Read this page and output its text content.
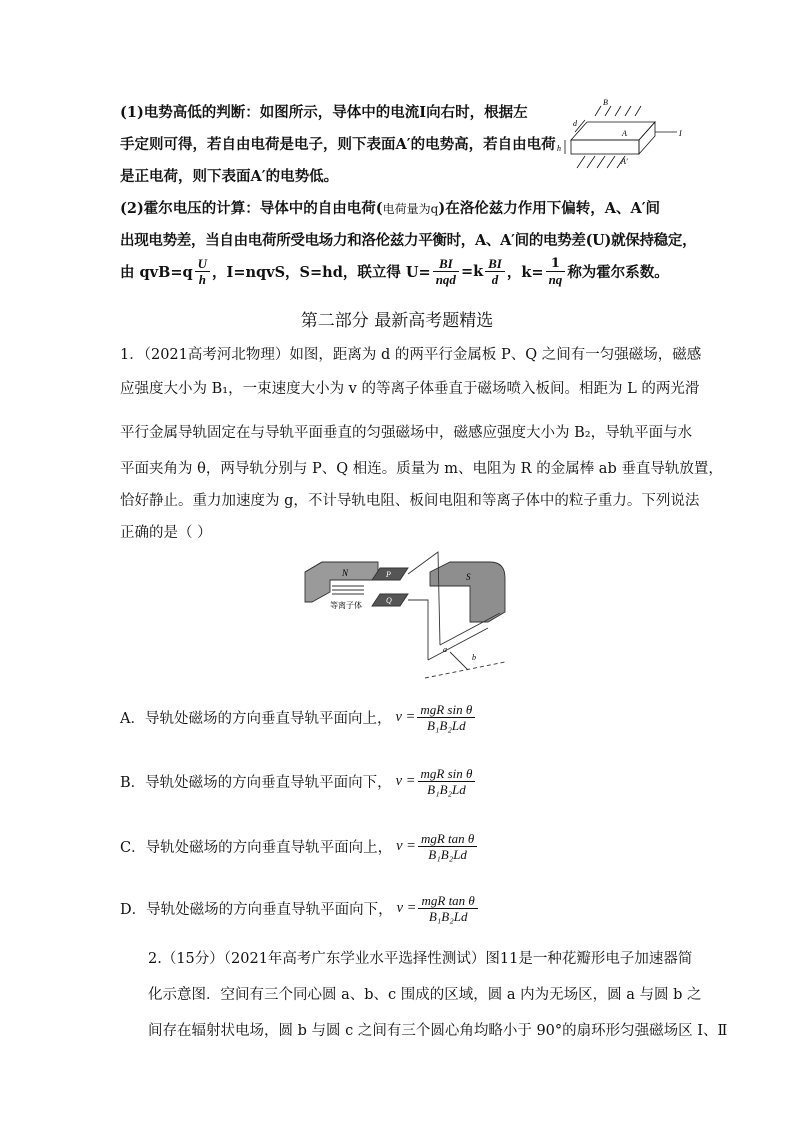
(1)电势高低的判断：如图所示，导体中的电流I向右时，根据左
手定则可得，若自由电荷是电子，则下表面A′的电势高，若自由电荷
是正电荷，则下表面A′的电势低。
B
d
A	I
h
A′
(2)霍尔电压的计算：导体中的自由电荷(电荷量为q)在洛伦兹力作用下偏转，A、A′间
出现电势差，当自由电荷所受电场力和洛伦兹力平衡时，A、A′间的电势差(U)就保持稳定，
由 $qvB=q \frac{U}{h}$ ，I=nqvS，S=hd，联立得 $U= \frac{BI}{\text{nqd}} =k \frac{BI}{d}$ ，$k= \frac{1}{nq}$ 称为霍尔系数。
第二部分 最新高考题精选
1．（2021高考河北物理）如图，距离为 d 的两平行金属板 P、Q 之间有一匀强磁场，磁感
应强度大小为 B₁，一束速度大小为 v 的等离子体垂直于磁场喷入板间。相距为 L 的两光滑
平行金属导轨固定在与导轨平面垂直的匀强磁场中，磁感应强度大小为 B₂，导轨平面与水
平面夹角为 θ，两导轨分别与 P、Q 相连。质量为 m、电阻为 R 的金属棒 ab 垂直导轨放置，
恰好静止。重力加速度为 g，不计导轨电阻、板间电阻和等离子体中的粒子重力。下列说法
正确的是（ ）
N	P	S
Q
等离子体
a
b
A．导轨处磁场的方向垂直导轨平面向上， $v = \frac{\text{mgR sin θ}}{\text{B₁B₂Ld}}$
B．导轨处磁场的方向垂直导轨平面向下， $v = \frac{\text{mgR sin θ}}{\text{B₁B₂Ld}}$
C．导轨处磁场的方向垂直导轨平面向上， $v = \frac{\text{mgR tan θ}}{\text{B₁B₂Ld}}$
D．导轨处磁场的方向垂直导轨平面向下， $v = \frac{\text{mgR tan θ}}{\text{B₁B₂Ld}}$
2.（15分）（2021年高考广东学业水平选择性测试）图11是一种花瓣形电子加速器简
化示意图．空间有三个同心圆 a、b、c 围成的区域，圆 a 内为无场区，圆 a 与圆 b 之
间存在辐射状电场，圆 b 与圆 c 之间有三个圆心角均略小于 90°的扇环形匀强磁场区 Ⅰ、Ⅱ
